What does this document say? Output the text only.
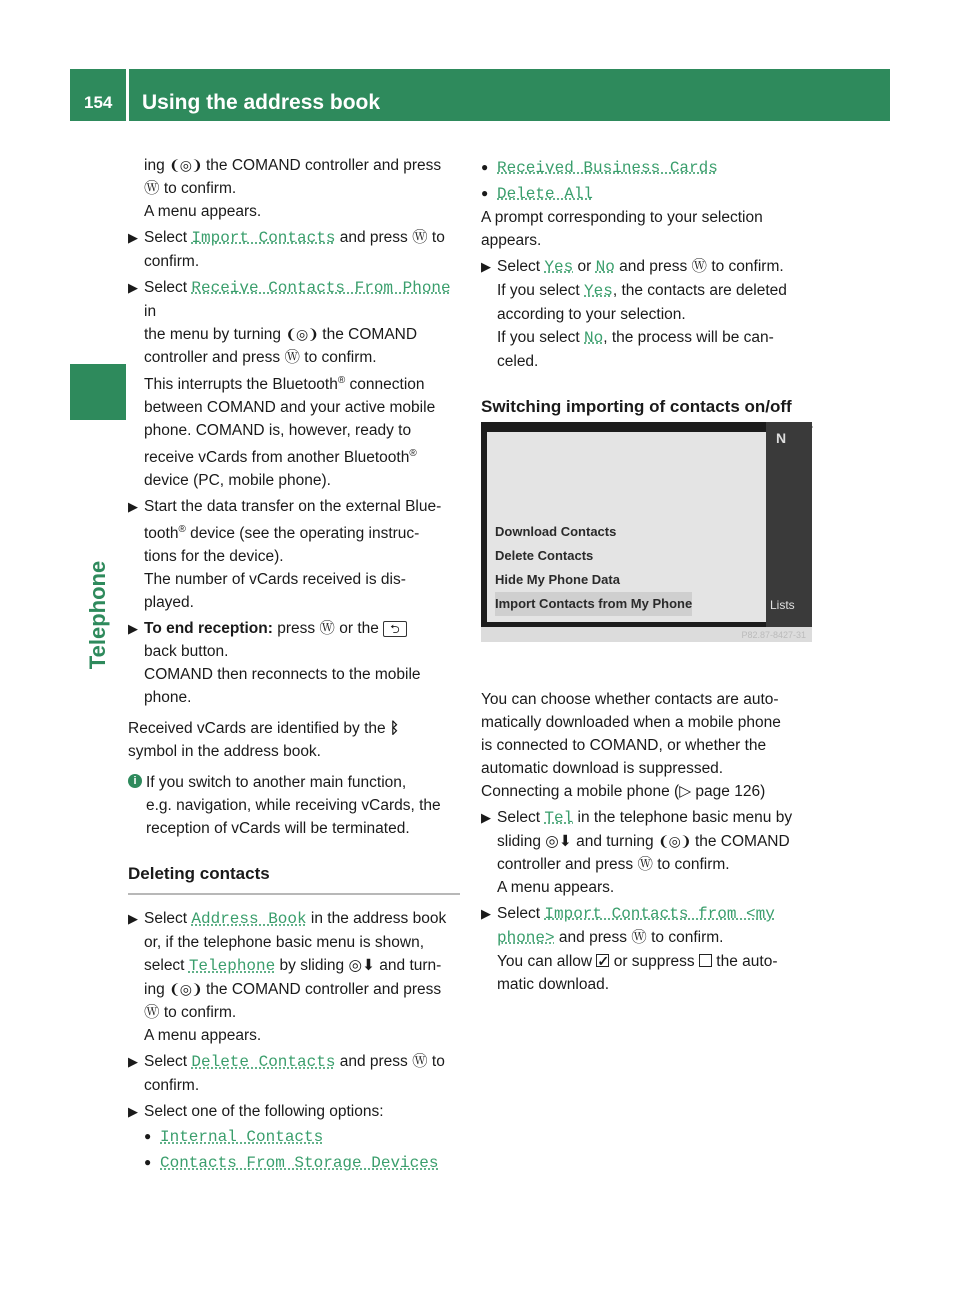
154	Using the address book
Telephone
ing ❨◎❩ the COMAND controller and press
Ⓦ to confirm.
A menu appears.
▶ Select Import Contacts and press Ⓦ to
confirm.
▶ Select Receive Contacts From Phone in
the menu by turning ❨◎❩ the COMAND
controller and press Ⓦ to confirm.
This interrupts the Bluetooth® connection
between COMAND and your active mobile
phone. COMAND is, however, ready to
receive vCards from another Bluetooth®
device (PC, mobile phone).
▶ Start the data transfer on the external Blue-
tooth® device (see the operating instruc-
tions for the device).
The number of vCards received is dis-
played.
▶ To end reception: press Ⓦ or the ⮌
back button.
COMAND then reconnects to the mobile
phone.
Received vCards are identified by the ᛒ
symbol in the address book.
i If you switch to another main function,
e.g. navigation, while receiving vCards, the
reception of vCards will be terminated.
Deleting contacts
▶ Select Address Book in the address book
or, if the telephone basic menu is shown,
select Telephone by sliding ◎⬇ and turn-
ing ❨◎❩ the COMAND controller and press
Ⓦ to confirm.
A menu appears.
▶ Select Delete Contacts and press Ⓦ to
confirm.
▶ Select one of the following options:
● Internal Contacts
● Contacts From Storage Devices
● Received Business Cards
● Delete All
A prompt corresponding to your selection
appears.
▶ Select Yes or No and press Ⓦ to confirm.
If you select Yes, the contacts are deleted
according to your selection.
If you select No, the process will be can-
celed.
Switching importing of contacts on/off
You can choose whether contacts are auto-
matically downloaded when a mobile phone
is connected to COMAND, or whether the
automatic download is suppressed.
Connecting a mobile phone (▷ page 126)
▶ Select Tel in the telephone basic menu by
sliding ◎⬇ and turning ❨◎❩ the COMAND
controller and press Ⓦ to confirm.
A menu appears.
▶ Select Import Contacts from <my
phone> and press Ⓦ to confirm.
You can allow ✓ or suppress  the auto-
matic download.
N
Lists
Download Contacts
Delete Contacts
Hide My Phone Data
Import Contacts from My Phone
P82.87-8427-31
